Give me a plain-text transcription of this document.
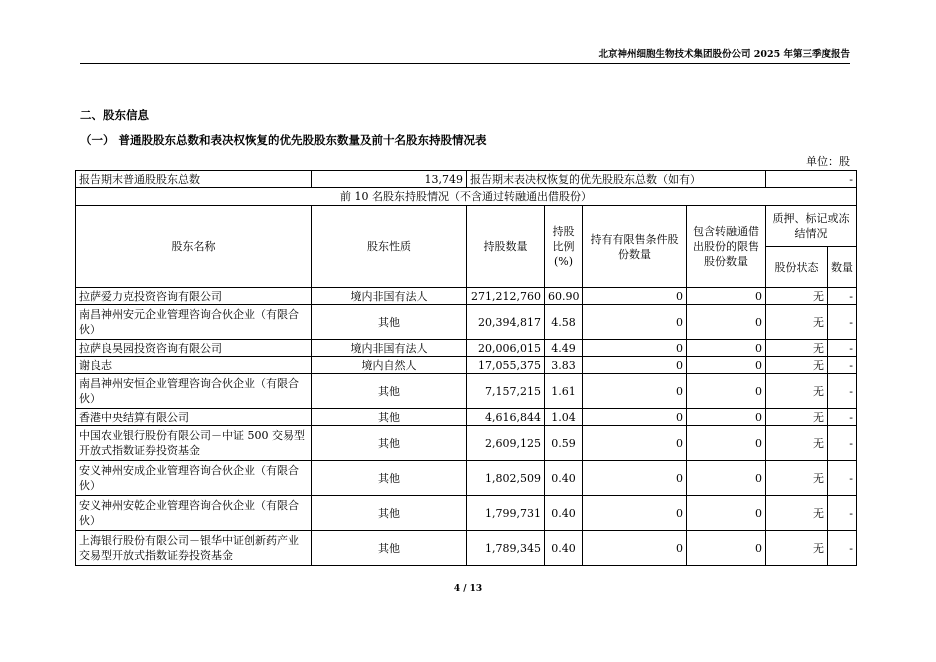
北京神州细胞生物技术集团股份公司 2025 年第三季度报告
二、股东信息
（一） 普通股股东总数和表决权恢复的优先股股东数量及前十名股东持股情况表
单位：股
报告期末普通股股东总数	13,749	报告期末表决权恢复的优先股股东总数（如有）				-	
前 10 名股东持股情况（不含通过转融通出借股份）							
股东名称	股东性质	持股数量	持股比例(%)	持有有限售条件股份数量	包含转融通借出股份的限售股份数量	质押、标记或冻结情况	
						股份状态	数量
拉萨爱力克投资咨询有限公司	境内非国有法人	271,212,760	60.90	0	0	无	-
南昌神州安元企业管理咨询合伙企业（有限合伙）	其他	20,394,817	4.58	0	0	无	-
拉萨良昊园投资咨询有限公司	境内非国有法人	20,006,015	4.49	0	0	无	-
谢良志	境内自然人	17,055,375	3.83	0	0	无	-
南昌神州安恒企业管理咨询合伙企业（有限合伙）	其他	7,157,215	1.61	0	0	无	-
香港中央结算有限公司	其他	4,616,844	1.04	0	0	无	-
中国农业银行股份有限公司－中证 500 交易型开放式指数证券投资基金	其他	2,609,125	0.59	0	0	无	-
安义神州安成企业管理咨询合伙企业（有限合伙）	其他	1,802,509	0.40	0	0	无	-
安义神州安乾企业管理咨询合伙企业（有限合伙）	其他	1,799,731	0.40	0	0	无	-
上海银行股份有限公司－银华中证创新药产业交易型开放式指数证券投资基金	其他	1,789,345	0.40	0	0	无	-
4 / 13
